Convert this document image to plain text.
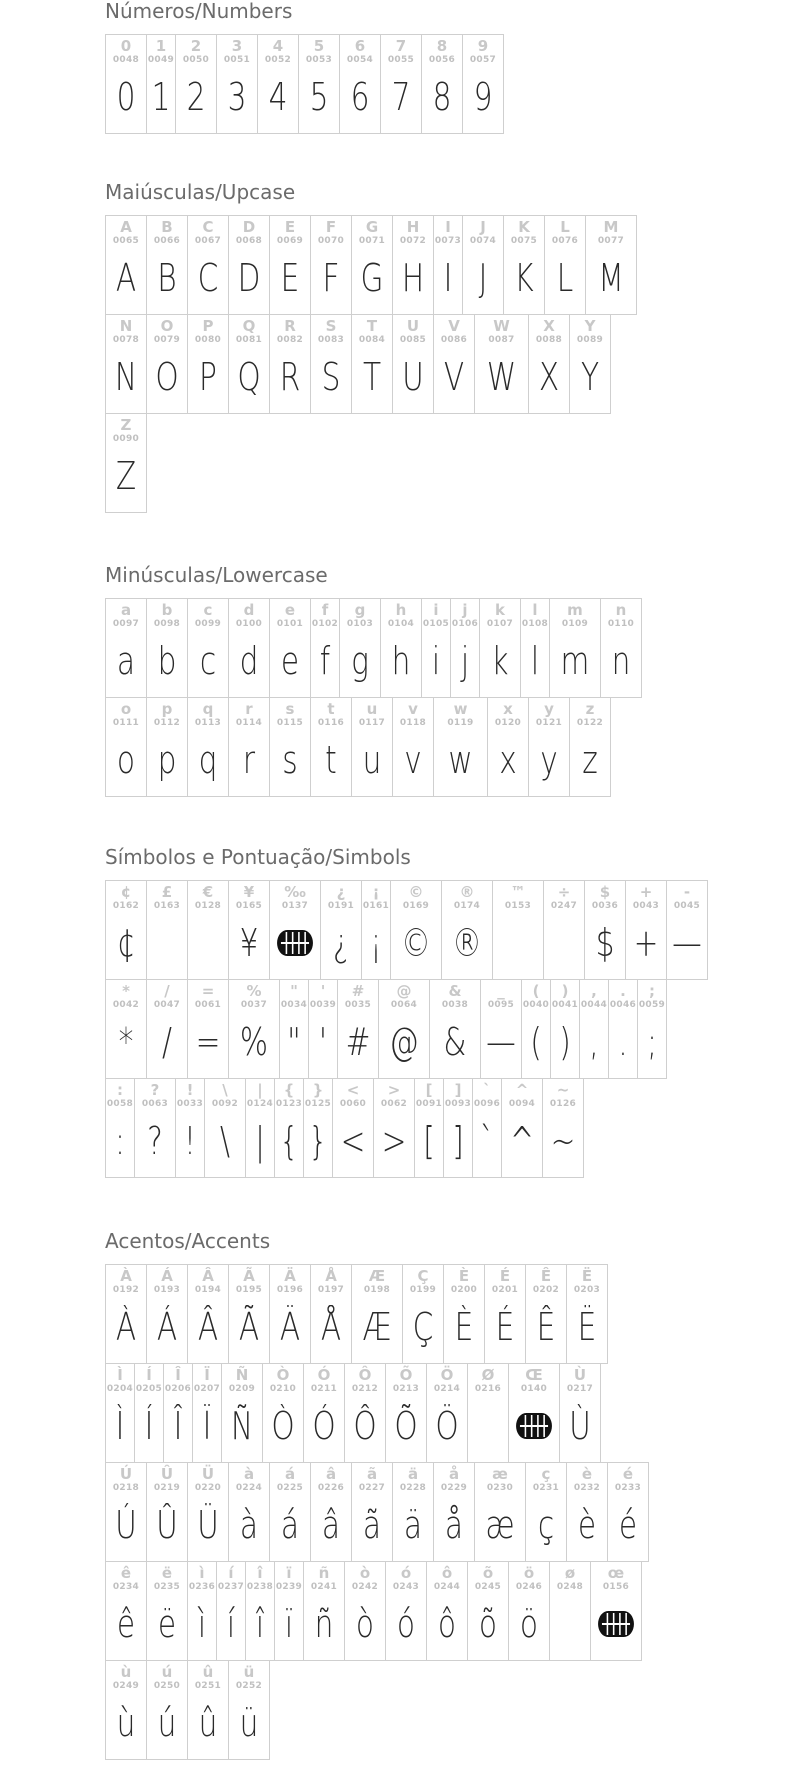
Números/Numbers
0
0048
0
1
0049
1
2
0050
2
3
0051
3
4
0052
4
5
0053
5
6
0054
6
7
0055
7
8
0056
8
9
0057
9
Maiúsculas/Upcase
A
0065
A
B
0066
B
C
0067
C
D
0068
D
E
0069
E
F
0070
F
G
0071
G
H
0072
H
I
0073
I
J
0074
J
K
0075
K
L
0076
L
M
0077
M
N
0078
N
O
0079
O
P
0080
P
Q
0081
Q
R
0082
R
S
0083
S
T
0084
T
U
0085
U
V
0086
V
W
0087
W
X
0088
X
Y
0089
Y
Z
0090
Z
Minúsculas/Lowercase
a
0097
a
b
0098
b
c
0099
c
d
0100
d
e
0101
e
f
0102
f
g
0103
g
h
0104
h
i
0105
i
j
0106
j
k
0107
k
l
0108
l
m
0109
m
n
0110
n
o
0111
o
p
0112
p
q
0113
q
r
0114
r
s
0115
s
t
0116
t
u
0117
u
v
0118
v
w
0119
w
x
0120
x
y
0121
y
z
0122
z
Símbolos e Pontuação/Simbols
¢
0162
¢
£
0163
€
0128
¥
0165
¥
‰
0137
¿
0191
¿
¡
0161
¡
©
0169
©
®
0174
®
™
0153
÷
0247
$
0036
$
+
0043
+
-
0045
—
*
0042
*
/
0047
/
=
0061
=
%
0037
%
"
0034
"
'
0039
'
#
0035
#
@
0064
@
&
0038
&
_
0095
—
(
0040
(
)
0041
)
,
0044
,
.
0046
.
;
0059
;
:
0058
:
?
0063
?
!
0033
!
\
0092
\
|
0124
|
{
0123
{
}
0125
}
<
0060
<
>
0062
>
[
0091
[
]
0093
]
`
0096
`
^
0094
^
~
0126
~
Acentos/Accents
À
0192
À
Á
0193
Á
Â
0194
Â
Ã
0195
Ã
Ä
0196
Ä
Å
0197
Å
Æ
0198
Æ
Ç
0199
Ç
È
0200
È
É
0201
É
Ê
0202
Ê
Ë
0203
Ë
Ì
0204
Ì
Í
0205
Í
Î
0206
Î
Ï
0207
Ï
Ñ
0209
Ñ
Ò
0210
Ò
Ó
0211
Ó
Ô
0212
Ô
Õ
0213
Õ
Ö
0214
Ö
Ø
0216
Œ
0140
Ù
0217
Ù
Ú
0218
Ú
Û
0219
Û
Ü
0220
Ü
à
0224
à
á
0225
á
â
0226
â
ã
0227
ã
ä
0228
ä
å
0229
å
æ
0230
æ
ç
0231
ç
è
0232
è
é
0233
é
ê
0234
ê
ë
0235
ë
ì
0236
ì
í
0237
í
î
0238
î
ï
0239
ï
ñ
0241
ñ
ò
0242
ò
ó
0243
ó
ô
0244
ô
õ
0245
õ
ö
0246
ö
ø
0248
œ
0156
ù
0249
ù
ú
0250
ú
û
0251
û
ü
0252
ü
